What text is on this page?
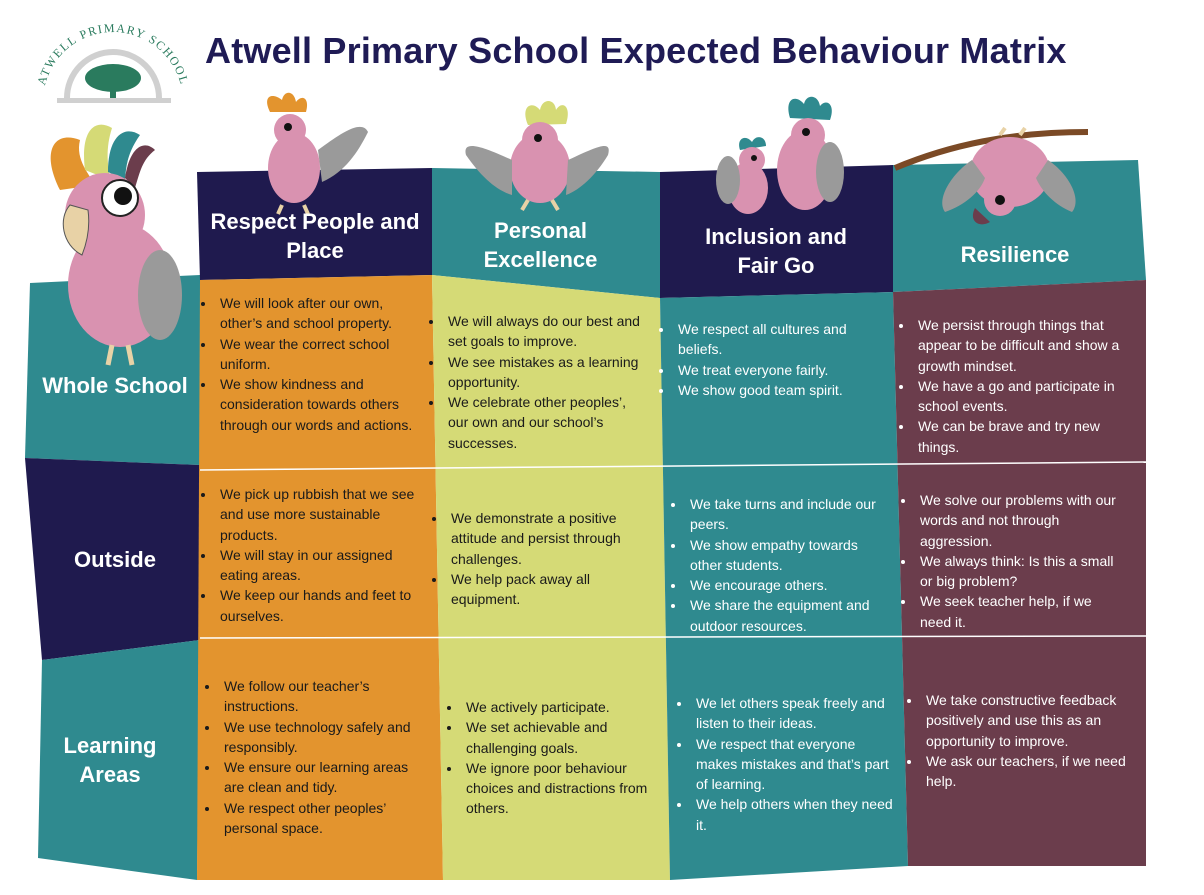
ATWELL PRIMARY SCHOOL
Atwell Primary School Expected Behaviour Matrix
Respect People and Place
Personal Excellence
Inclusion and Fair Go	Resilience
Whole School
Outside
Learning Areas
• We will look after our own, other’s and school property.
• We wear the correct school uniform.
• We show kindness and consideration towards others through our words and actions.
• We will always do our best and set goals to improve.
• We see mistakes as a learning opportunity.
• We celebrate other peoples’, our own and our school’s successes.
• We respect all cultures and beliefs.
• We treat everyone fairly.
• We show good team spirit.
• We persist through things that appear to be difficult and show a growth mindset.
• We have a go and participate in school events.
• We can be brave and try new things.
• We pick up rubbish that we see and use more sustainable products.
• We will stay in our assigned eating areas.
• We keep our hands and feet to ourselves.
• We demonstrate a positive attitude and persist through challenges.
• We help pack away all equipment.
• We take turns and include our peers.
• We show empathy towards other students.
• We encourage others.
• We share the equipment and outdoor resources.
• We solve our problems with our words and not through aggression.
• We always think: Is this a small or big problem?
• We seek teacher help, if we need it.
• We follow our teacher’s instructions.
• We use technology safely and responsibly.
• We ensure our learning areas are clean and tidy.
• We respect other peoples’ personal space.
• We actively participate.
• We set achievable and challenging goals.
• We ignore poor behaviour choices and distractions from others.
• We let others speak freely and listen to their ideas.
• We respect that everyone makes mistakes and that’s part of learning.
• We help others when they need it.
• We take constructive feedback positively and use this as an opportunity to improve.
• We ask our teachers, if we need help.
